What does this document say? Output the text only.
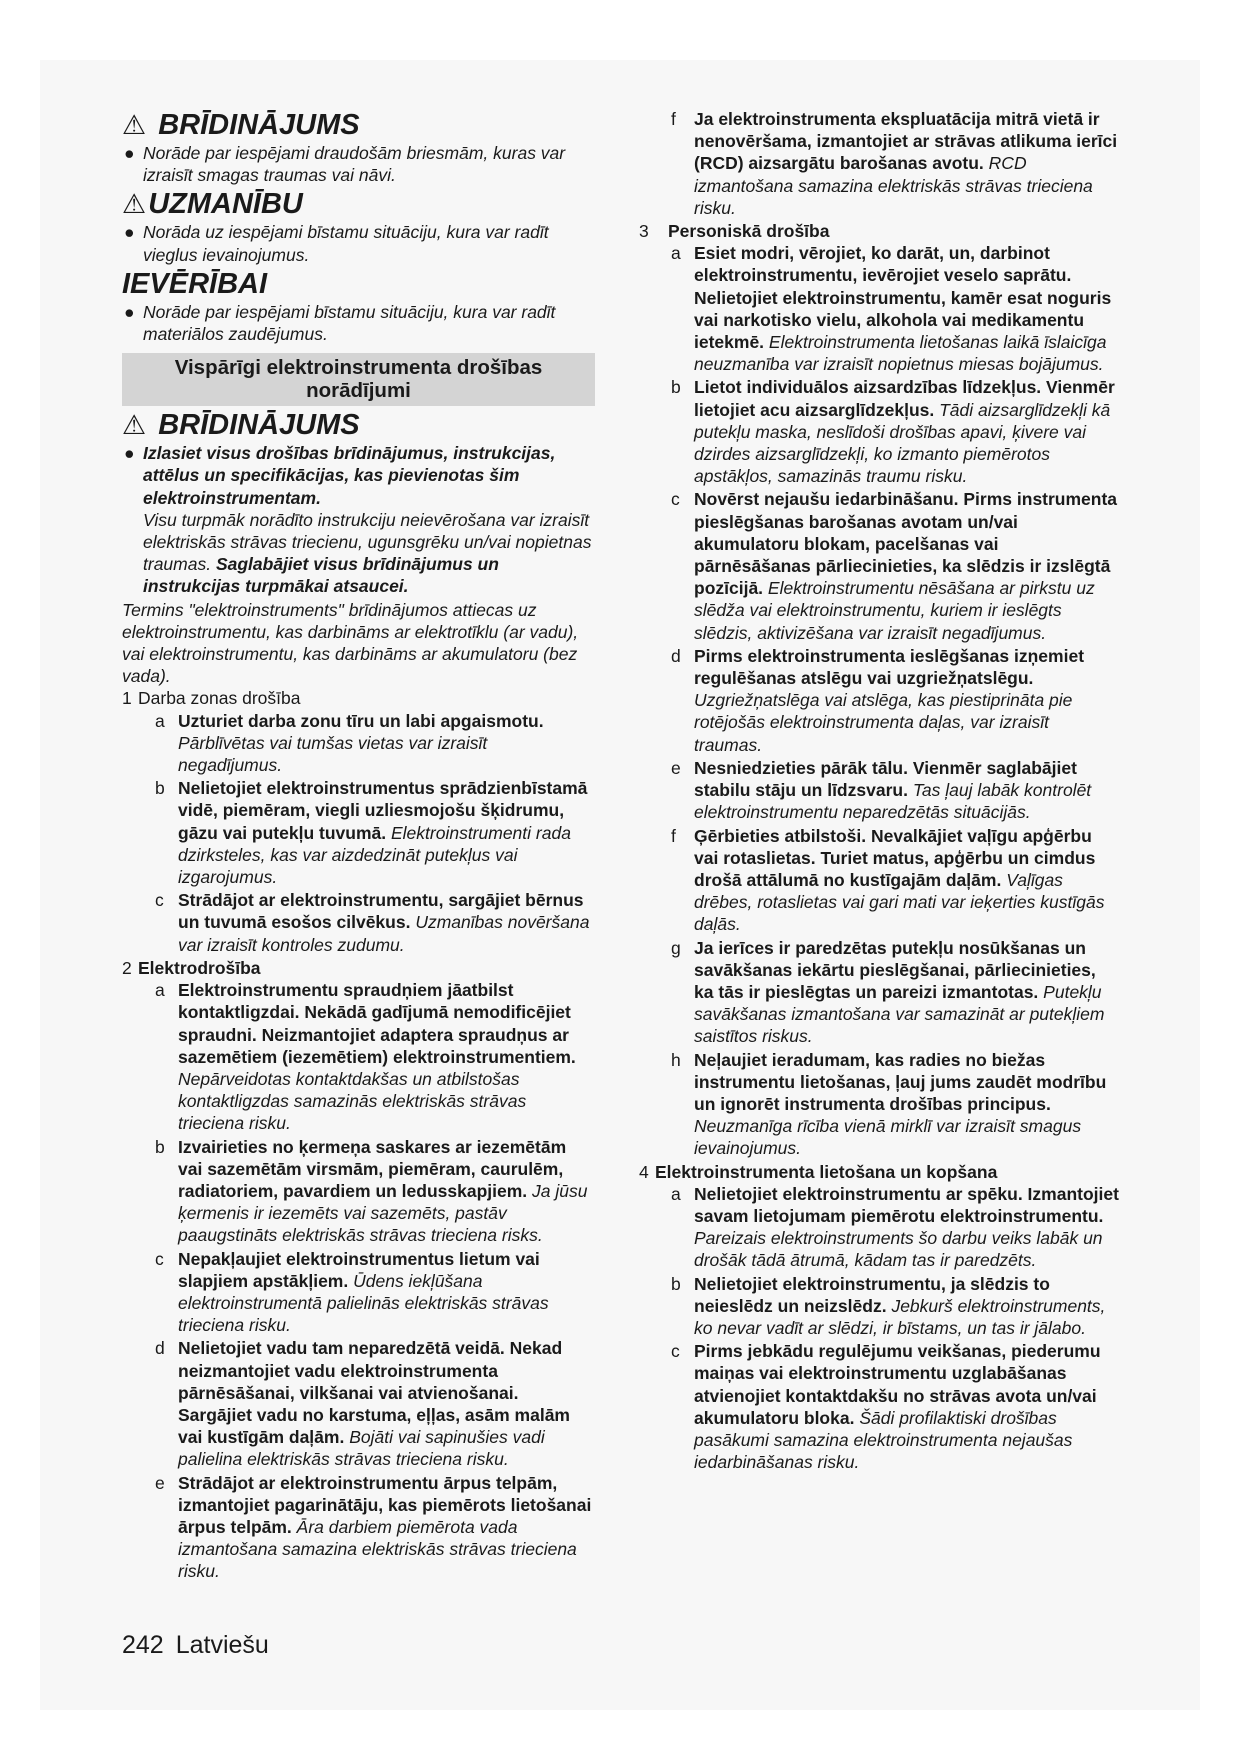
⚠ BRĪDINĀJUMS

● Norāde par iespējami draudošām briesmām, kuras var izraisīt smagas traumas vai nāvi.

⚠UZMANĪBU

● Norāda uz iespējami bīstamu situāciju, kura var radīt vieglus ievainojumus.

IEVĒRĪBAI

● Norāde par iespējami bīstamu situāciju, kura var radīt materiālos zaudējumus.

Vispārīgi elektroinstrumenta drošības norādījumi

⚠ BRĪDINĀJUMS

● Izlasiet visus drošības brīdinājumus, instrukcijas, attēlus un specifikācijas, kas pievienotas šim elektroinstrumentam.
Visu turpmāk norādīto instrukciju neievērošana var izraisīt elektriskās strāvas triecienu, ugunsgrēku un/vai nopietnas traumas. Saglabājiet visus brīdinājumus un instrukcijas turpmākai atsaucei.

Termins "elektroinstruments" brīdinājumos attiecas uz elektroinstrumentu, kas darbināms ar elektrotīklu (ar vadu), vai elektroinstrumentu, kas darbināms ar akumulatoru (bez vada).

1 Darba zonas drošība

a Uzturiet darba zonu tīru un labi apgaismotu. Pārblīvētas vai tumšas vietas var izraisīt negadījumus.

b Nelietojiet elektroinstrumentus sprādzienbīstamā vidē, piemēram, viegli uzliesmojošu šķidrumu, gāzu vai putekļu tuvumā. Elektroinstrumenti rada dzirksteles, kas var aizdedzināt putekļus vai izgarojumus.

c Strādājot ar elektroinstrumentu, sargājiet bērnus un tuvumā esošos cilvēkus. Uzmanības novēršana var izraisīt kontroles zudumu.

2 Elektrodrošība

a Elektroinstrumentu spraudņiem jāatbilst kontaktligzdai. Nekādā gadījumā nemodificējiet spraudni. Neizmantojiet adaptera spraudņus ar sazemētiem (iezemētiem) elektroinstrumentiem. Nepārveidotas kontaktdakšas un atbilstošas kontaktligzdas samazinās elektriskās strāvas trieciena risku.

b Izvairieties no ķermeņa saskares ar iezemētām vai sazemētām virsmām, piemēram, caurulēm, radiatoriem, pavardiem un ledusskapjiem. Ja jūsu ķermenis ir iezemēts vai sazemēts, pastāv paaugstināts elektriskās strāvas trieciena risks.

c Nepakļaujiet elektroinstrumentus lietum vai slapjiem apstākļiem. Ūdens iekļūšana elektroinstrumentā palielinās elektriskās strāvas trieciena risku.

d Nelietojiet vadu tam neparedzētā veidā. Nekad neizmantojiet vadu elektroinstrumenta pārnēsāšanai, vilkšanai vai atvienošanai. Sargājiet vadu no karstuma, eļļas, asām malām vai kustīgām daļām. Bojāti vai sapinušies vadi palielina elektriskās strāvas trieciena risku.

e Strādājot ar elektroinstrumentu ārpus telpām, izmantojiet pagarinātāju, kas piemērots lietošanai ārpus telpām. Āra darbiem piemērota vada izmantošana samazina elektriskās strāvas trieciena risku.

f Ja elektroinstrumenta ekspluatācija mitrā vietā ir nenovēršama, izmantojiet ar strāvas atlikuma ierīci (RCD) aizsargātu barošanas avotu. RCD izmantošana samazina elektriskās strāvas trieciena risku.

3	Personiskā drošība

a Esiet modri, vērojiet, ko darāt, un, darbinot elektroinstrumentu, ievērojiet veselo saprātu. Nelietojiet elektroinstrumentu, kamēr esat noguris vai narkotisko vielu, alkohola vai medikamentu ietekmē. Elektroinstrumenta lietošanas laikā īslaicīga neuzmanība var izraisīt nopietnus miesas bojājumus.

b Lietot individuālos aizsardzības līdzekļus. Vienmēr lietojiet acu aizsarglīdzekļus. Tādi aizsarglīdzekļi kā putekļu maska, neslīdoši drošības apavi, ķivere vai dzirdes aizsarglīdzekļi, ko izmanto piemērotos apstākļos, samazinās traumu risku.

c Novērst nejaušu iedarbināšanu. Pirms instrumenta pieslēgšanas barošanas avotam un/vai akumulatoru blokam, pacelšanas vai pārnēsāšanas pārliecinieties, ka slēdzis ir izslēgtā pozīcijā. Elektroinstrumentu nēsāšana ar pirkstu uz slēdža vai elektroinstrumentu, kuriem ir ieslēgts slēdzis, aktivizēšana var izraisīt negadījumus.

d Pirms elektroinstrumenta ieslēgšanas izņemiet regulēšanas atslēgu vai uzgriežņatslēgu. Uzgriežņatslēga vai atslēga, kas piestiprināta pie rotējošās elektroinstrumenta daļas, var izraisīt traumas.

e Nesniedzieties pārāk tālu. Vienmēr saglabājiet stabilu stāju un līdzsvaru. Tas ļauj labāk kontrolēt elektroinstrumentu neparedzētās situācijās.

f Ģērbieties atbilstoši. Nevalkājiet vaļīgu apģērbu vai rotaslietas. Turiet matus, apģērbu un cimdus drošā attālumā no kustīgajām daļām. Vaļīgas drēbes, rotaslietas vai gari mati var ieķerties kustīgās daļās.

g Ja ierīces ir paredzētas putekļu nosūkšanas un savākšanas iekārtu pieslēgšanai, pārliecinieties, ka tās ir pieslēgtas un pareizi izmantotas. Putekļu savākšanas izmantošana var samazināt ar putekļiem saistītos riskus.

h Neļaujiet ieradumam, kas radies no biežas instrumentu lietošanas, ļauj jums zaudēt modrību un ignorēt instrumenta drošības principus. Neuzmanīga rīcība vienā mirklī var izraisīt smagus ievainojumus.

4 Elektroinstrumenta lietošana un kopšana

a Nelietojiet elektroinstrumentu ar spēku. Izmantojiet savam lietojumam piemērotu elektroinstrumentu. Pareizais elektroinstruments šo darbu veiks labāk un drošāk tādā ātrumā, kādam tas ir paredzēts.

b Nelietojiet elektroinstrumentu, ja slēdzis to neieslēdz un neizslēdz. Jebkurš elektroinstruments, ko nevar vadīt ar slēdzi, ir bīstams, un tas ir jālabo.

c Pirms jebkādu regulējumu veikšanas, piederumu maiņas vai elektroinstrumentu uzglabāšanas atvienojiet kontaktdakšu no strāvas avota un/vai akumulatoru bloka. Šādi profilaktiski drošības pasākumi samazina elektroinstrumenta nejaušas iedarbināšanas risku.

242 Latviešu
